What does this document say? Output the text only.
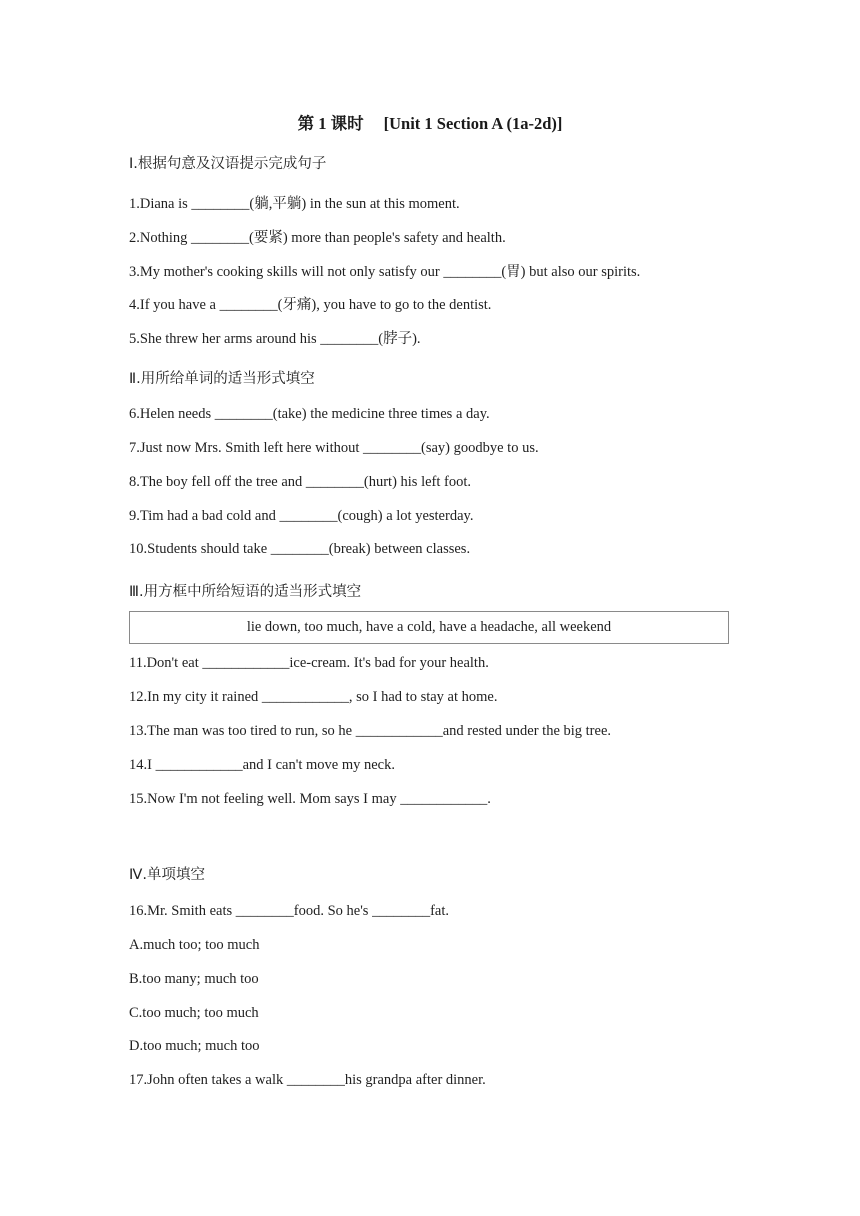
第 1 课时 [Unit 1 Section A (1a-2d)]
Ⅰ.根据句意及汉语提示完成句子
1.Diana is ________(躺,平躺) in the sun at this moment.
2.Nothing ________(要紧) more than people's safety and health.
3.My mother's cooking skills will not only satisfy our ________(胃) but also our spirits.
4.If you have a ________(牙痛), you have to go to the dentist.
5.She threw her arms around his ________(脖子).
Ⅱ.用所给单词的适当形式填空
6.Helen needs ________(take) the medicine three times a day.
7.Just now Mrs. Smith left here without ________(say) goodbye to us.
8.The boy fell off the tree and ________(hurt) his left foot.
9.Tim had a bad cold and ________(cough) a lot yesterday.
10.Students should take ________(break) between classes.
Ⅲ.用方框中所给短语的适当形式填空
lie down, too much, have a cold, have a headache, all weekend
11.Don't eat ____________ice-cream. It's bad for your health.
12.In my city it rained ____________, so I had to stay at home.
13.The man was too tired to run, so he ____________and rested under the big tree.
14.I ____________and I can't move my neck.
15.Now I'm not feeling well. Mom says I may ____________.
Ⅳ.单项填空
16.Mr. Smith eats ________food. So he's ________fat.
A.much too; too much
B.too many; much too
C.too much; too much
D.too much; much too
17.John often takes a walk ________his grandpa after dinner.
